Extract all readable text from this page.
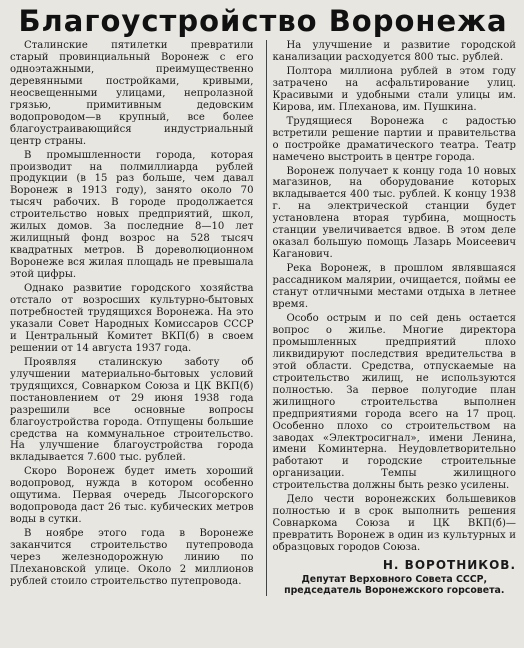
Благоустройство Воронежа

Сталинские пятилетки превратили старый провинциальный Воронеж с его одноэтажными, преимущественно деревянными постройками, кривыми, неосвещенными улицами, непролазной грязью, примитивным дедовским водопроводом—в крупный, все более благоустраивающийся индустриальный центр страны.

В промышленности города, которая производит на полмиллиарда рублей продукции (в 15 раз больше, чем давал Воронеж в 1913 году), занято около 70 тысяч рабочих. В городе продолжается строительство новых предприятий, школ, жилых домов. За последние 8—10 лет жилищный фонд возрос на 528 тысяч квадратных метров. В дореволюционном Воронеже вся жилая площадь не превышала этой цифры.

Однако развитие городского хозяйства отстало от возросших культурно-бытовых потребностей трудящихся Воронежа. На это указали Совет Народных Комиссаров СССР и Центральный Комитет ВКП(б) в своем решении от 14 августа 1937 года.

Проявляя сталинскую заботу об улучшении материально-бытовых условий трудящихся, Совнарком Союза и ЦК ВКП(б) постановлением от 29 июня 1938 года разрешили все основные вопросы благоустройства города. Отпущены большие средства на коммунальное строительство. На улучшение благоустройства города вкладывается 7.600 тыс. рублей.

Скоро Воронеж будет иметь хороший водопровод, нужда в котором особенно ощутима. Первая очередь Лысогорского водопровода даст 26 тыс. кубических метров воды в сутки.

В ноябре этого года в Воронеже заканчится строительство путепровода через железнодорожную линию по Плехановской улице. Около 2 миллионов рублей стоило строительство путепровода.

На улучшение и развитие городской канализации расходуется 800 тыс. рублей.

Полтора миллиона рублей в этом году затрачено на асфальтирование улиц. Красивыми и удобными стали улицы им. Кирова, им. Плеханова, им. Пушкина.

Трудящиеся Воронежа с радостью встретили решение партии и правительства о постройке драматического театра. Театр намечено выстроить в центре города.

Воронеж получает к концу года 10 новых магазинов, на оборудование которых вкладывается 400 тыс. рублей. К концу 1938 г. на электрической станции будет установлена вторая турбина, мощность станции увеличивается вдвое. В этом деле оказал большую помощь Лазарь Моисеевич Каганович.

Река Воронеж, в прошлом являвшаяся рассадником малярии, очищается, поймы ее станут отличными местами отдыха в летнее время.

Особо острым и по сей день остается вопрос о жилье. Многие директора промышленных предприятий плохо ликвидируют последствия вредительства в этой области. Средства, отпускаемые на строительство жилищ, не используются полностью. За первое полугодие план жилищного строительства выполнен предприятиями города всего на 17 проц. Особенно плохо со строительством на заводах «Электросигнал», имени Ленина, имени Коминтерна. Неудовлетворительно работают и городские строительные организации. Темпы жилищного строительства должны быть резко усилены.

Дело чести воронежских большевиков полностью и в срок выполнить решения Совнаркома Союза и ЦК ВКП(б)—превратить Воронеж в один из культурных и образцовых городов Союза.

Н. ВОРОТНИКОВ.
Депутат Верховного Совета СССР, председатель Воронежского горсовета.
